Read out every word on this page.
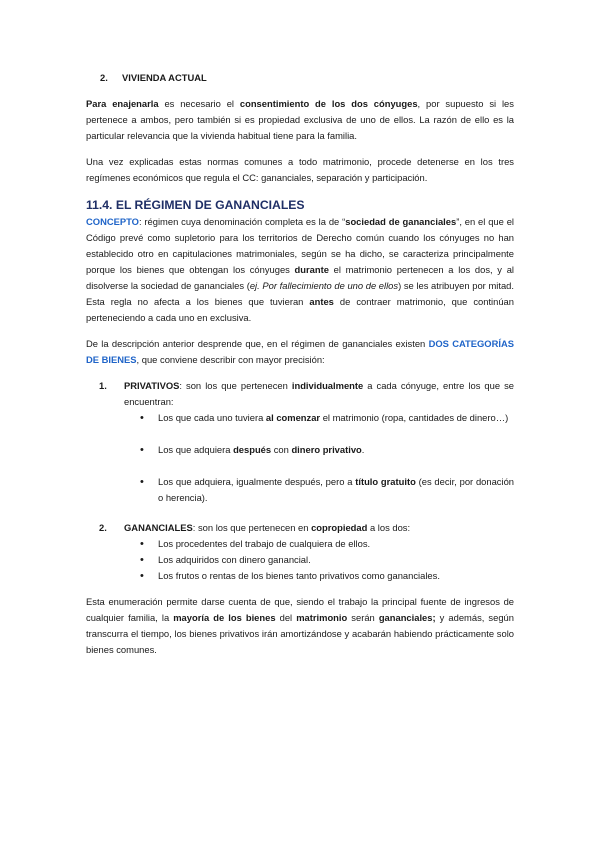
2. VIVIENDA ACTUAL

Para enajenarla es necesario el consentimiento de los dos cónyuges, por supuesto si les pertenece a ambos, pero también si es propiedad exclusiva de uno de ellos. La razón de ello es la particular relevancia que la vivienda habitual tiene para la familia.

Una vez explicadas estas normas comunes a todo matrimonio, procede detenerse en los tres regímenes económicos que regula el CC: gananciales, separación y participación.

11.4. EL RÉGIMEN DE GANANCIALES

CONCEPTO: régimen cuya denominación completa es la de “sociedad de gananciales”, en el que el Código prevé como supletorio para los territorios de Derecho común cuando los cónyuges no han establecido otro en capitulaciones matrimoniales, según se ha dicho, se caracteriza principalmente porque los bienes que obtengan los cónyuges durante el matrimonio pertenecen a los dos, y al disolverse la sociedad de gananciales (ej. Por fallecimiento de uno de ellos) se les atribuyen por mitad. Esta regla no afecta a los bienes que tuvieran antes de contraer matrimonio, que continúan perteneciendo a cada uno en exclusiva.

De la descripción anterior desprende que, en el régimen de gananciales existen DOS CATEGORÍAS DE BIENES, que conviene describir con mayor precisión:

1. PRIVATIVOS: son los que pertenecen individualmente a cada cónyuge, entre los que se encuentran:

• Los que cada uno tuviera al comenzar el matrimonio (ropa, cantidades de dinero…)
• Los que adquiera después con dinero privativo.
• Los que adquiera, igualmente después, pero a título gratuito (es decir, por donación o herencia).
2. GANANCIALES: son los que pertenecen en copropiedad a los dos:

• Los procedentes del trabajo de cualquiera de ellos.
• Los adquiridos con dinero ganancial.
• Los frutos o rentas de los bienes tanto privativos como gananciales.

Esta enumeración permite darse cuenta de que, siendo el trabajo la principal fuente de ingresos de cualquier familia, la mayoría de los bienes del matrimonio serán gananciales; y además, según transcurra el tiempo, los bienes privativos irán amortizándose y acabarán habiendo prácticamente solo bienes comunes.
